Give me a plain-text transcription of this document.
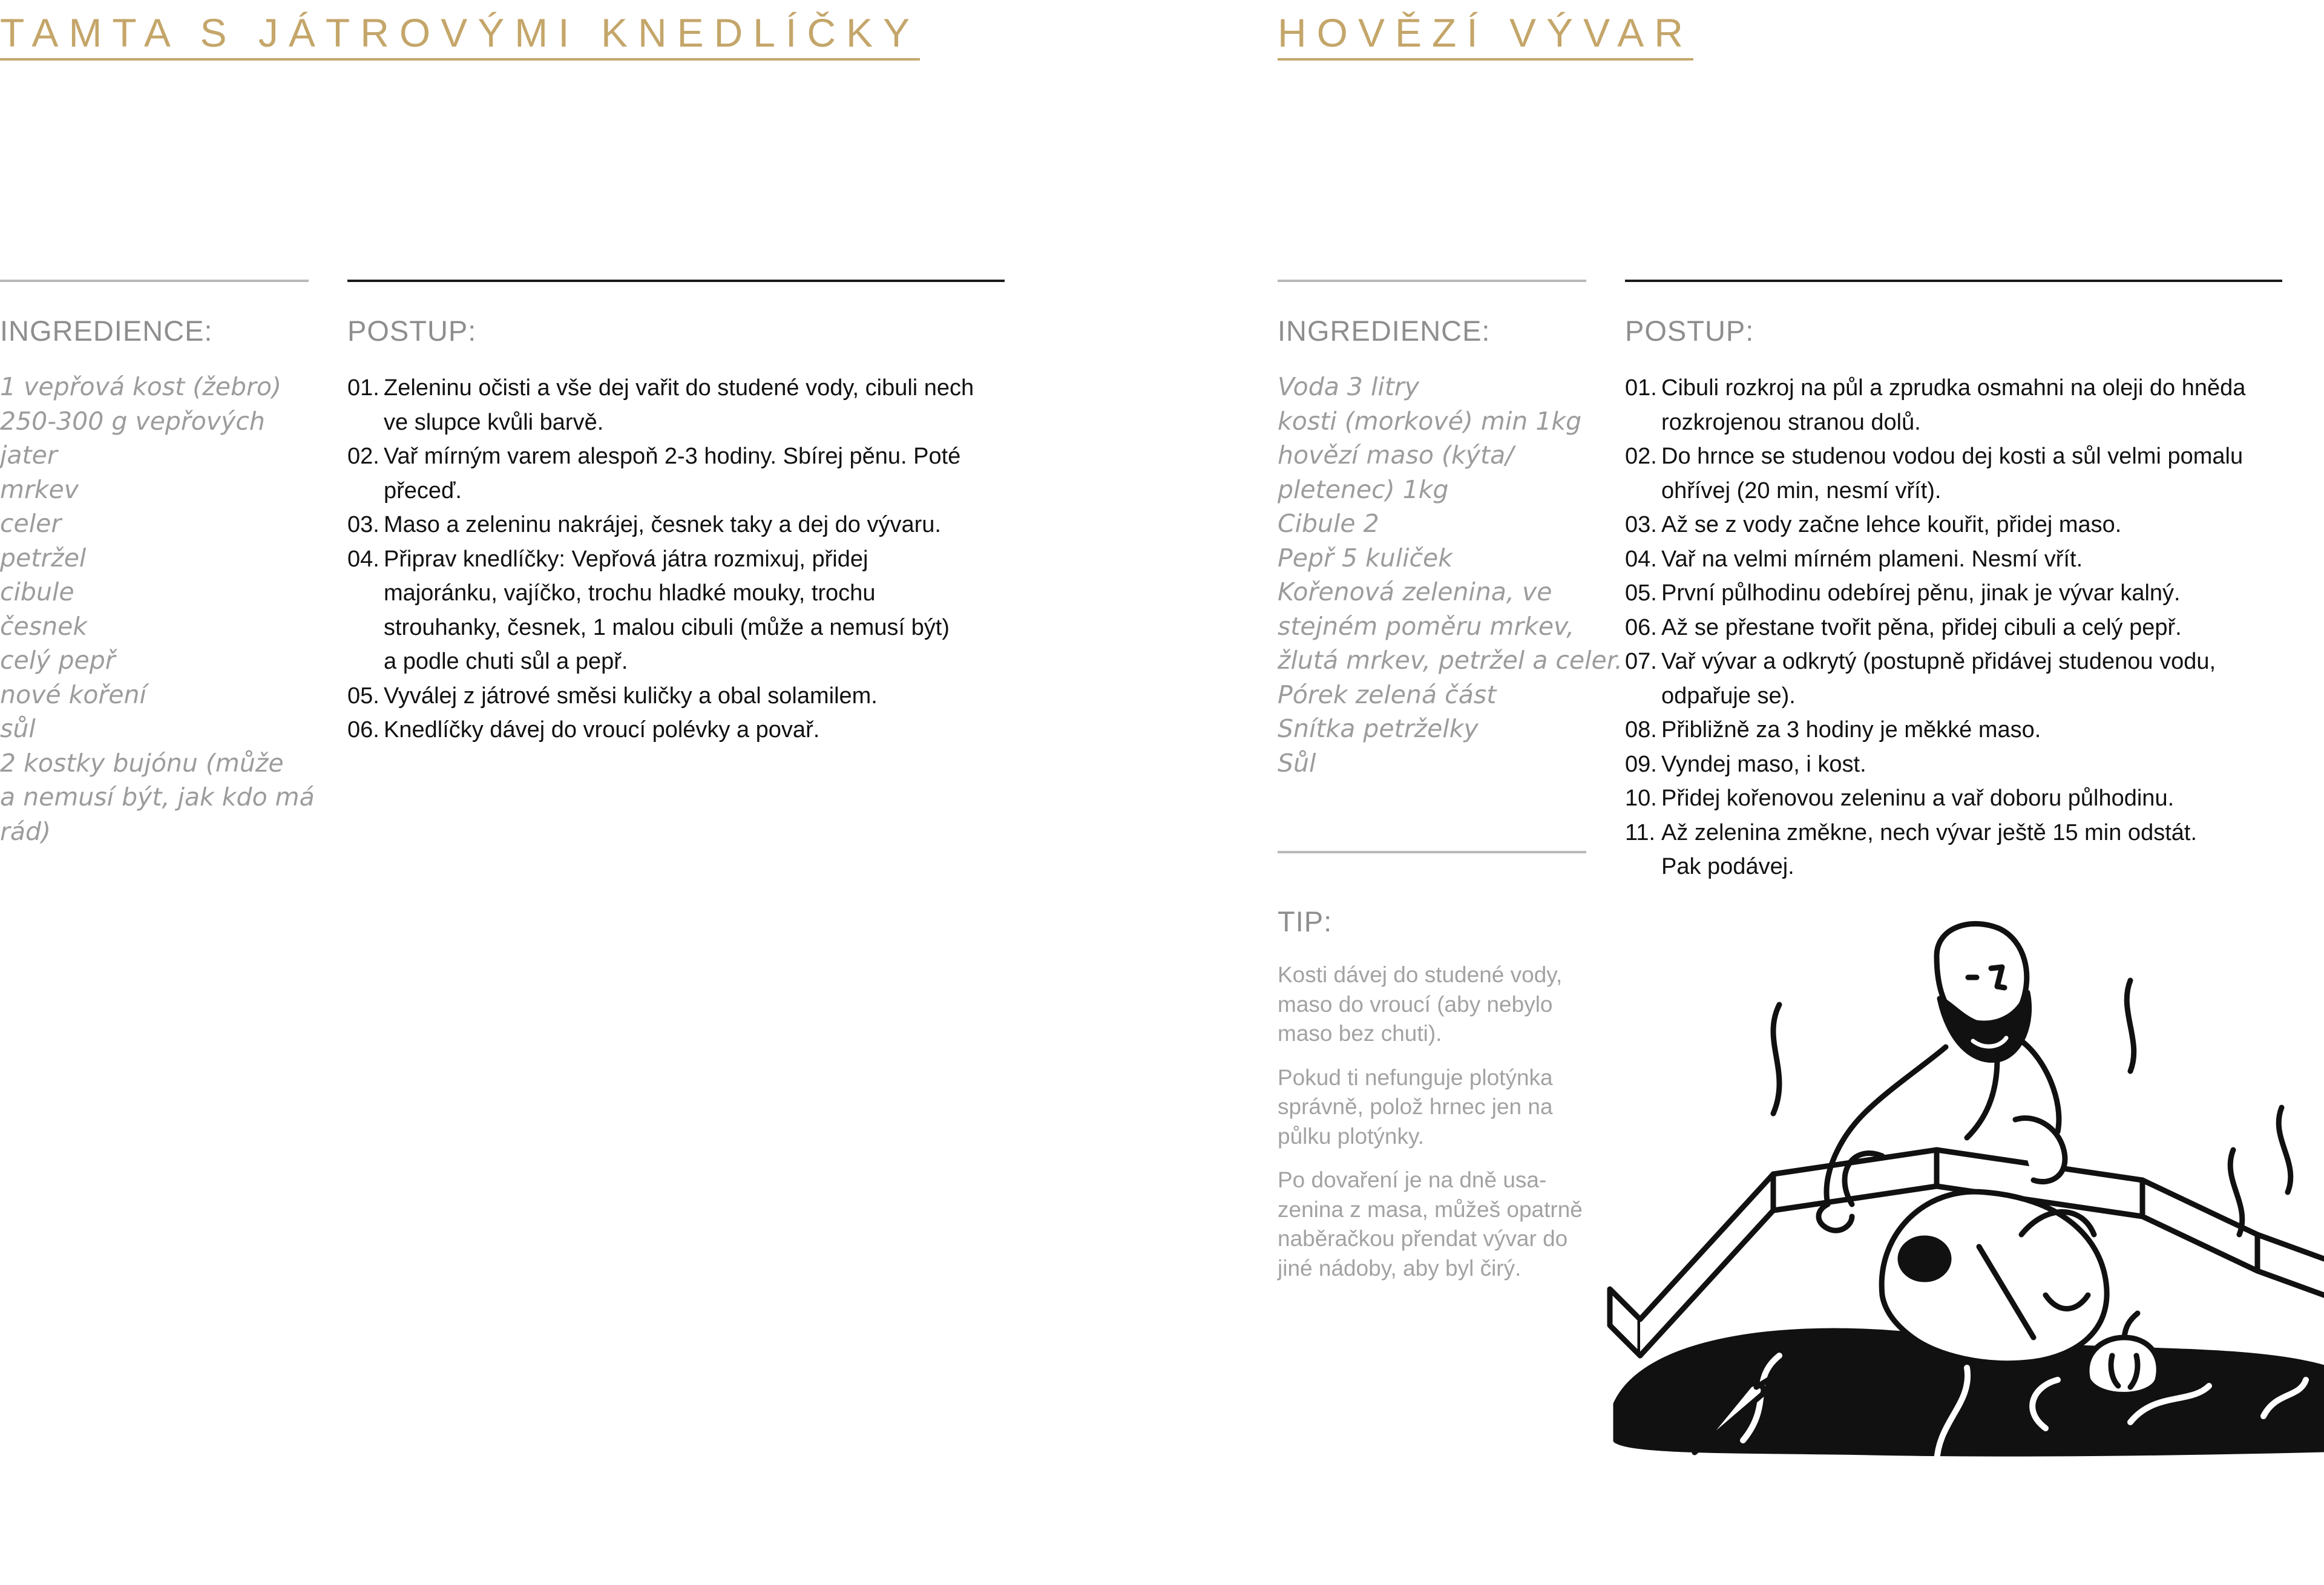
TAMTA S JÁTROVÝMI KNEDLÍČKY
INGREDIENCE:	POSTUP:
1 vepřová kost (žebro)
250-300 g vepřových
jater
mrkev
celer
petržel
cibule
česnek
celý pepř
nové koření
sůl
2 kostky bujónu (může
a nemusí být, jak kdo má
rád)
01. Zeleninu očisti a vše dej vařit do studené vody, cibuli nech
ve slupce kvůli barvě.
02. Vař mírným varem alespoň 2-3 hodiny. Sbírej pěnu. Poté
přeceď.
03. Maso a zeleninu nakrájej, česnek taky a dej do vývaru.
04. Připrav knedlíčky: Vepřová játra rozmixuj, přidej
majoránku, vajíčko, trochu hladké mouky, trochu
strouhanky, česnek, 1 malou cibuli (může a nemusí být)
a podle chuti sůl a pepř.
05. Vyválej z játrové směsi kuličky a obal solamilem.
06. Knedlíčky dávej do vroucí polévky a povař.
HOVĚZÍ VÝVAR
INGREDIENCE:	POSTUP:
Voda 3 litry
kosti (morkové) min 1kg
hovězí maso (kýta/
pletenec) 1kg
Cibule 2
Pepř 5 kuliček
Kořenová zelenina, ve
stejném poměru mrkev,
žlutá mrkev, petržel a celer.
Pórek zelená část
Snítka petrželky
Sůl
TIP:

Kosti dávej do studené vody,
maso do vroucí (aby nebylo
maso bez chuti).

Pokud ti nefunguje plotýnka
správně, polož hrnec jen na
půlku plotýnky.

Po dovaření je na dně usa-
zenina z masa, můžeš opatrně
naběračkou přendat vývar do
jiné nádoby, aby byl čirý.

01. Cibuli rozkroj na půl a zprudka osmahni na oleji do hněda
rozkrojenou stranou dolů.
02. Do hrnce se studenou vodou dej kosti a sůl velmi pomalu
ohřívej (20 min, nesmí vřít).
03. Až se z vody začne lehce kouřit, přidej maso.
04. Vař na velmi mírném plameni. Nesmí vřít.
05. První půlhodinu odebírej pěnu, jinak je vývar kalný.
06. Až se přestane tvořit pěna, přidej cibuli a celý pepř.
07. Vař vývar a odkrytý (postupně přidávej studenou vodu,
odpařuje se).
08. Přibližně za 3 hodiny je měkké maso.
09. Vyndej maso, i kost.
10. Přidej kořenovou zeleninu a vař doboru půlhodinu.
11. Až zelenina změkne, nech vývar ještě 15 min odstát.
Pak podávej.
